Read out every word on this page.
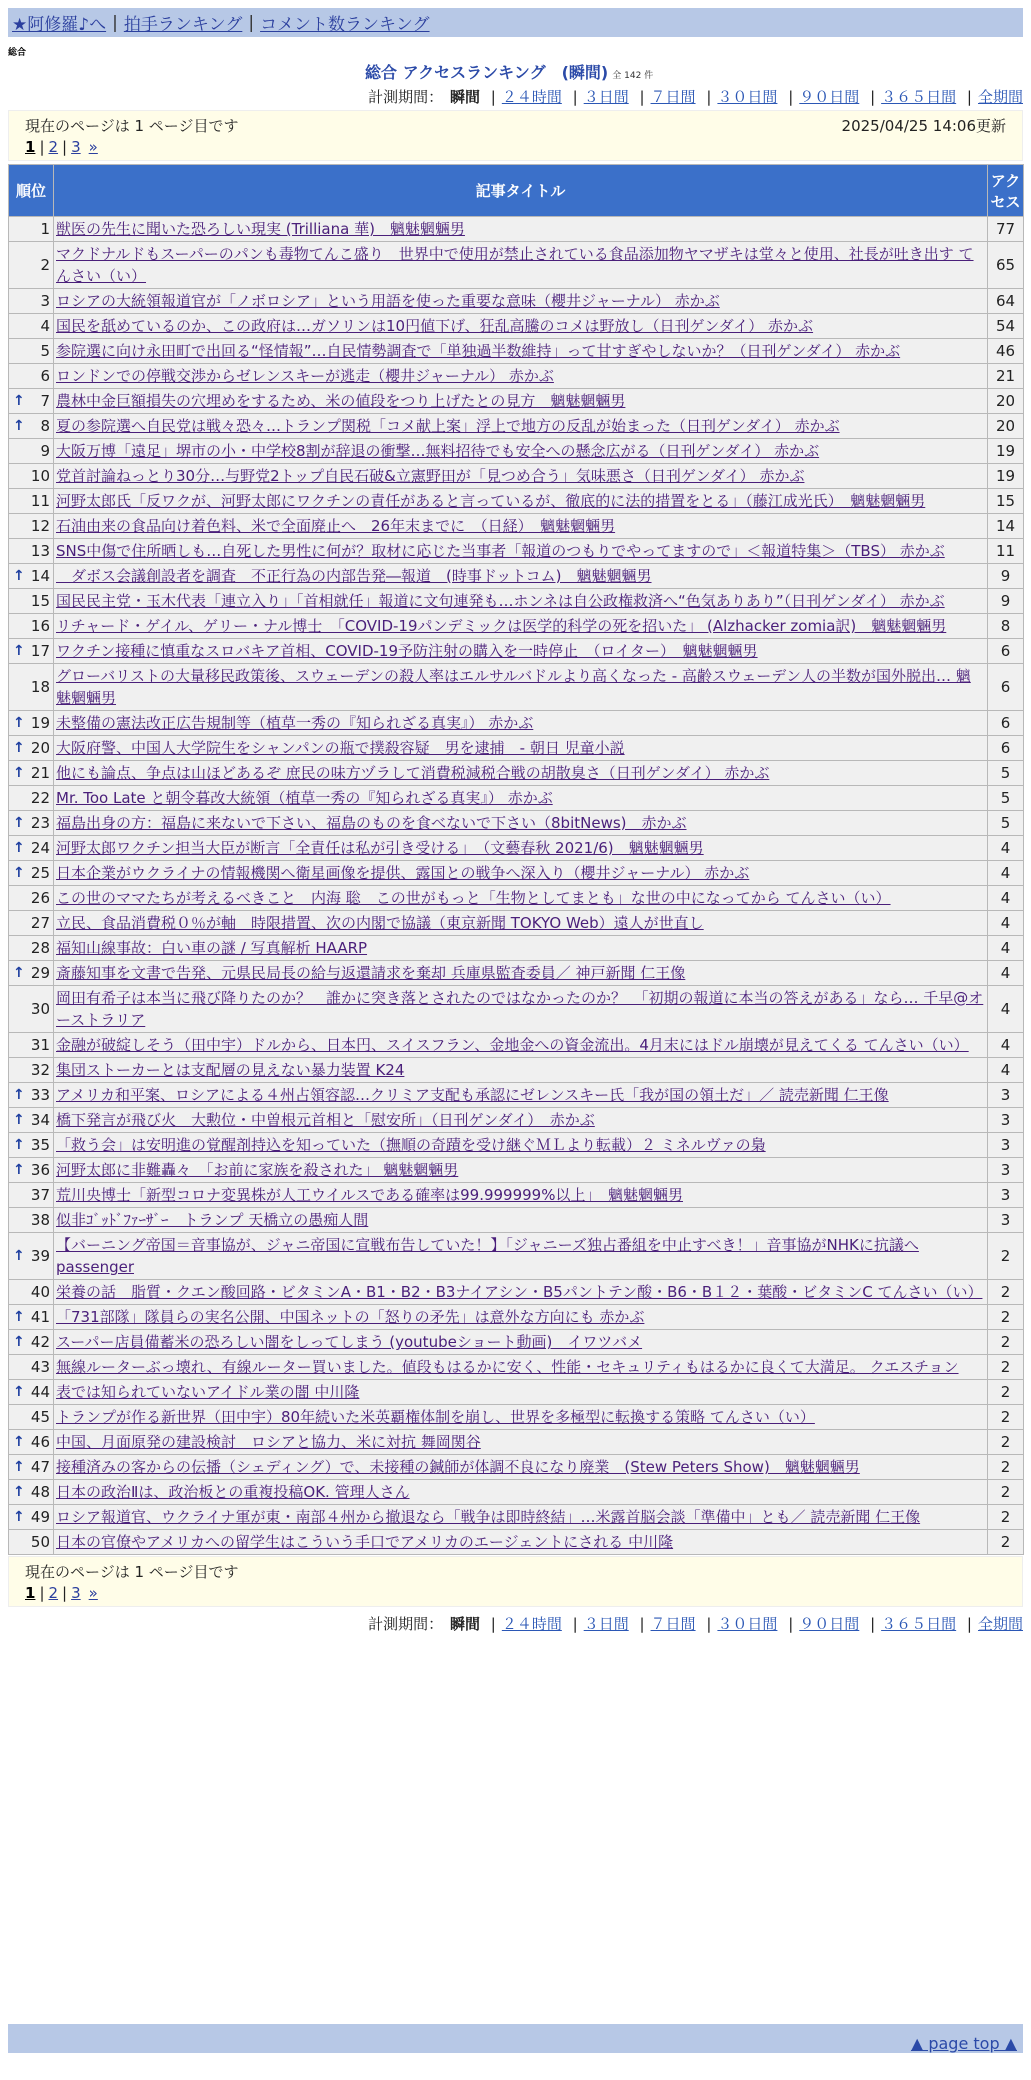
★阿修羅♪へ | 拍手ランキング | コメント数ランキング
総合
総合 アクセスランキング　(瞬間) 全 142 件
計測期間： 瞬間 | ２４時間 | ３日間 | ７日間 | ３０日間 | ９０日間 | ３６５日間 | 全期間
現在のページは 1 ページ目です	2025/04/25 14:06更新
1 | 2 | 3 »
順位	記事タイトル	アクセス
1	獣医の先生に聞いた恐ろしい現実 (Trilliana 華)　魑魅魍魎男	77
2	マクドナルドもスーパーのパンも毒物てんこ盛り　世界中で使用が禁止されている食品添加物ヤマザキは堂々と使用、社長が吐き出す てんさい（い）	65
3	ロシアの大統領報道官が「ノボロシア」という用語を使った重要な意味（櫻井ジャーナル） 赤かぶ	64
4	国民を舐めているのか、この政府は…ガソリンは10円値下げ、狂乱高騰のコメは野放し（日刊ゲンダイ） 赤かぶ	54
5	参院選に向け永田町で出回る“怪情報”…自民情勢調査で「単独過半数維持」って甘すぎやしないか？（日刊ゲンダイ） 赤かぶ	46
6	ロンドンでの停戦交渉からゼレンスキーが逃走（櫻井ジャーナル） 赤かぶ	21

↑ 7	農林中金巨額損失の穴埋めをするため、米の値段をつり上げたとの見方　魑魅魍魎男	20

↑ 8	夏の参院選へ自民党は戦々恐々…トランプ関税「コメ献上案」浮上で地方の反乱が始まった（日刊ゲンダイ） 赤かぶ	20
9	大阪万博「遠足」堺市の小・中学校8割が辞退の衝撃…無料招待でも安全への懸念広がる（日刊ゲンダイ） 赤かぶ	19
10	党首討論ねっとり30分…与野党2トップ自民石破&立憲野田が「見つめ合う」気味悪さ（日刊ゲンダイ） 赤かぶ	19
11	河野太郎氏「反ワクが、河野太郎にワクチンの責任があると言っているが、徹底的に法的措置をとる」（藤江成光氏）　魑魅魍魎男	15
12	石油由来の食品向け着色料、米で全面廃止へ　26年末までに　（日経）　魑魅魍魎男	14
13	SNS中傷で住所晒しも…自死した男性に何が？取材に応じた当事者「報道のつもりでやってますので」＜報道特集＞（TBS） 赤かぶ	11

↑ 14	　ダボス会議創設者を調査　不正行為の内部告発―報道　(時事ドットコム)　魑魅魍魎男	9
15	国民民主党・玉木代表「連立入り」「首相就任」報道に文句連発も…ホンネは自公政権救済へ“色気ありあり”（日刊ゲンダイ） 赤かぶ	9
16	リチャード・ゲイル、ゲリー・ナル博士　「COVID-19パンデミックは医学的科学の死を招いた」 (Alzhacker zomia訳)　魑魅魍魎男	8

↑ 17	ワクチン接種に慎重なスロバキア首相、COVID-19予防注射の購入を一時停止　（ロイター）　魑魅魍魎男	6
18	グローバリストの大量移民政策後、スウェーデンの殺人率はエルサルバドルより高くなった - 高齢スウェーデン人の半数が国外脱出… 魑魅魍魎男	6

↑ 19	未整備の憲法改正広告規制等（植草一秀の『知られざる真実』） 赤かぶ	6

↑ 20	大阪府警、中国人大学院生をシャンパンの瓶で撲殺容疑　男を逮捕　- 朝日 児童小説	6

↑ 21	他にも論点、争点は山ほどあるぞ 庶民の味方ヅラして消費税減税合戦の胡散臭さ（日刊ゲンダイ） 赤かぶ	5
22	Mr. Too Late と朝令暮改大統領（植草一秀の『知られざる真実』） 赤かぶ	5

↑ 23	福島出身の方：福島に来ないで下さい、福島のものを食べないで下さい（8bitNews)　赤かぶ	5

↑ 24	河野太郎ワクチン担当大臣が断言「全責任は私が引き受ける」　（文藝春秋 2021/6)　魑魅魍魎男	4

↑ 25	日本企業がウクライナの情報機関へ衛星画像を提供、露国との戦争へ深入り（櫻井ジャーナル） 赤かぶ	4
26	この世のママたちが考えるべきこと　内海 聡　この世がもっと「生物としてまとも」な世の中になってから てんさい（い）	4
27	立民、食品消費税０％が軸　時限措置、次の内閣で協議（東京新聞 TOKYO Web）遠人が世直し	4
28	福知山線事故：白い車の謎 / 写真解析 HAARP	4

↑ 29	斎藤知事を文書で告発、元県民局長の給与返還請求を棄却 兵庫県監査委員／ 神戸新聞 仁王像	4
30	岡田有希子は本当に飛び降りたのか？　誰かに突き落とされたのではなかったのか？　「初期の報道に本当の答えがある」なら… 千早@オーストラリア	4
31	金融が破綻しそう（田中宇）ドルから、日本円、スイスフラン、金地金への資金流出。4月末にはドル崩壊が見えてくる てんさい（い）	4
32	集団ストーカーとは支配層の見えない暴力装置 K24	4

↑ 33	アメリカ和平案、ロシアによる４州占領容認…クリミア支配も承認にゼレンスキー氏「我が国の領土だ」／ 読売新聞 仁王像	3

↑ 34	橋下発言が飛び火　大勲位・中曽根元首相と「慰安所」（日刊ゲンダイ）　赤かぶ	3

↑ 35	「救う会」は安明進の覚醒剤持込を知っていた（撫順の奇蹟を受け継ぐＭＬより転載）２ ミネルヴァの梟	3

↑ 36	河野太郎に非難轟々　「お前に家族を殺された」 魑魅魍魎男	3
37	荒川央博士「新型コロナ変異株が人工ウイルスである確率は99.999999%以上」　魑魅魍魎男	3
38	似非ｺﾞｯﾄﾞﾌｧｰｻﾞｰ　トランプ 天橋立の愚痴人間	3

↑ 39	【バーニング帝国＝音事協が、ジャニ帝国に宣戦布告していた！】「ジャニーズ独占番組を中止すべき！」音事協がNHKに抗議へ passenger	2
40	栄養の話　脂質・クエン酸回路・ビタミンA・B1・B2・B3ナイアシン・B5パントテン酸・B6・B１２・葉酸・ビタミンC てんさい（い）	2

↑ 41	「731部隊」隊員らの実名公開、中国ネットの「怒りの矛先」は意外な方向にも 赤かぶ	2

↑ 42	スーパー店員備蓄米の恐ろしい闇をしってしまう (youtubeショート動画)　イワツバメ	2
43	無線ルーターぶっ壊れ、有線ルーター買いました。値段もはるかに安く、性能・セキュリティもはるかに良くて大満足。 クエスチョン	2

↑ 44	表では知られていないアイドル業の闇 中川隆	2
45	トランプが作る新世界（田中宇）80年続いた米英覇権体制を崩し、世界を多極型に転換する策略 てんさい（い）	2

↑ 46	中国、月面原発の建設検討　ロシアと協力、米に対抗 舞岡関谷	2

↑ 47	接種済みの客からの伝播（シェディング）で、未接種の鍼師が体調不良になり廃業　(Stew Peters Show)　魑魅魍魎男	2

↑ 48	日本の政治Ⅱは、政治板との重複投稿OK. 管理人さん	2

↑ 49	ロシア報道官、ウクライナ軍が東・南部４州から撤退なら「戦争は即時終結」…米露首脳会談「準備中」とも／ 読売新聞 仁王像	2
50	日本の官僚やアメリカへの留学生はこういう手口でアメリカのエージェントにされる 中川隆	2
現在のページは 1 ページ目です
1 | 2 | 3 »
計測期間： 瞬間 | ２４時間 | ３日間 | ７日間 | ３０日間 | ９０日間 | ３６５日間 | 全期間
▲ page top ▲
